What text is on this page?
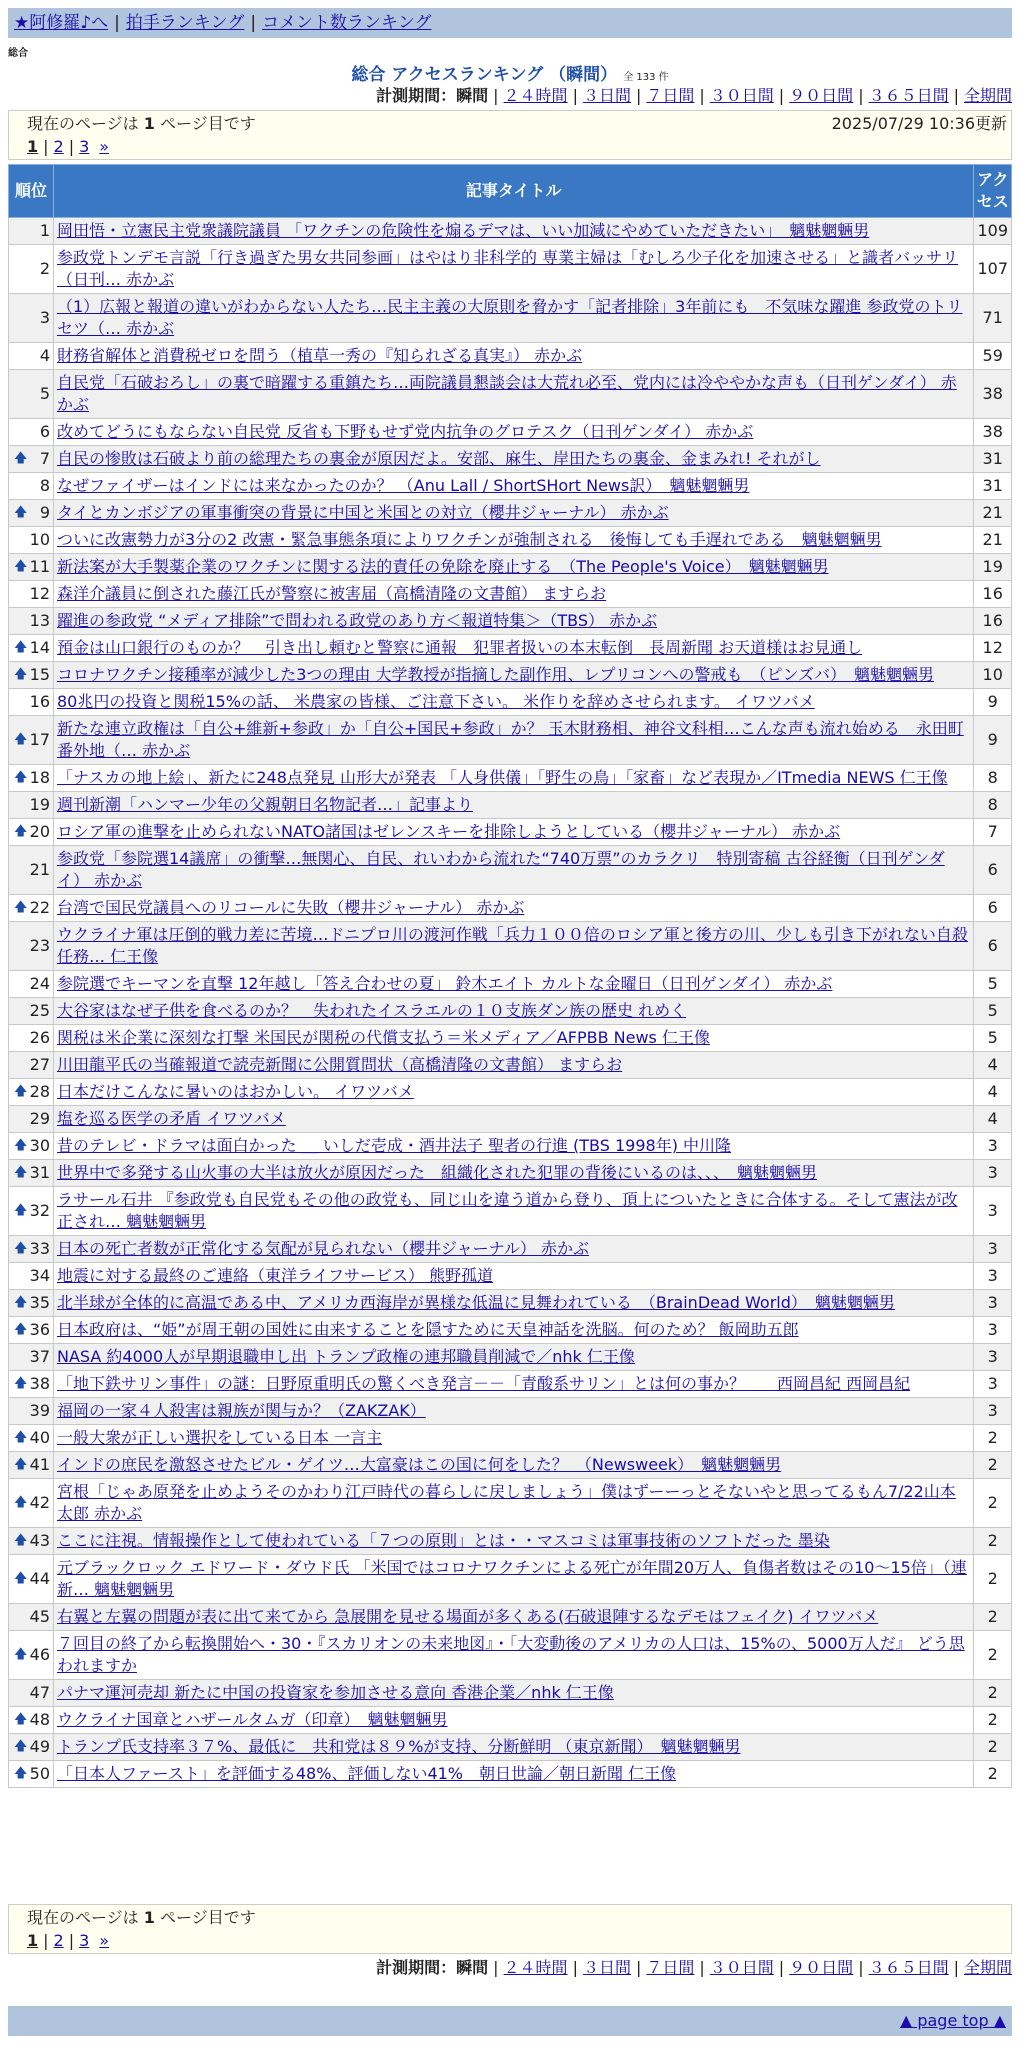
★阿修羅♪へ | 拍手ランキング | コメント数ランキング
総合
総合 アクセスランキング （瞬間） 全 133 件
計測期間：瞬間 | ２４時間 | ３日間 | ７日間 | ３０日間 | ９０日間 | ３６５日間 | 全期間
現在のページは 1 ページ目です	2025/07/29 10:36更新
1 | 2 | 3 »
順位	記事タイトル	アク
セス
1	岡田悟・立憲民主党衆議院議員 「ワクチンの危険性を煽るデマは、いい加減にやめていただきたい」　魑魅魍魎男	109
2	参政党トンデモ言説「行き過ぎた男女共同参画」はやはり非科学的 専業主婦は「むしろ少子化を加速させる」と識者バッサリ（日刊… 赤かぶ	107
3	（1）広報と報道の違いがわからない人たち…民主主義の大原則を脅かす「記者排除」3年前にも　不気味な躍進 参政党のトリセツ（… 赤かぶ	71
4	財務省解体と消費税ゼロを問う（植草一秀の『知られざる真実』） 赤かぶ	59
5	自民党「石破おろし」の裏で暗躍する重鎮たち…両院議員懇談会は大荒れ必至、党内には冷ややかな声も（日刊ゲンダイ） 赤かぶ	38
6	改めてどうにもならない自民党 反省も下野もせず党内抗争のグロテスク（日刊ゲンダイ） 赤かぶ	38

🡅 7	自民の惨敗は石破より前の総理たちの裏金が原因だよ。安部、麻生、岸田たちの裏金、金まみれ! それがし	31
8	なぜファイザーはインドには来なかったのか？ （Anu Lall / ShortSHort News訳）　魑魅魍魎男	31

🡅 9	タイとカンボジアの軍事衝突の背景に中国と米国との対立（櫻井ジャーナル） 赤かぶ	21
10	ついに改憲勢力が3分の2 改憲・緊急事態条項によりワクチンが強制される　後悔しても手遅れである　魑魅魍魎男	21

🡅 11	新法案が大手製薬企業のワクチンに関する法的責任の免除を廃止する　（The People's Voice）　魑魅魍魎男	19
12	森洋介議員に倒された藤江氏が警察に被害届（高橋清隆の文書館） ますらお	16
13	躍進の参政党 “メディア排除”で問われる政党のあり方＜報道特集＞（TBS） 赤かぶ	16

🡅 14	預金は山口銀行のものか？　引き出し頼むと警察に通報　犯罪者扱いの本末転倒　長周新聞 お天道様はお見通し	12

🡅 15	コロナワクチン接種率が減少した3つの理由 大学教授が指摘した副作用、レプリコンへの警戒も　（ピンズバ）　魑魅魍魎男	10
16	80兆円の投資と関税15%の話、 米農家の皆様、ご注意下さい。 米作りを辞めさせられます。 イワツバメ	9

🡅 17	新たな連立政権は「自公+維新+参政」か「自公+国民+参政」か？ 玉木財務相、神谷文科相…こんな声も流れ始める　永田町番外地（… 赤かぶ	9

🡅 18	「ナスカの地上絵」、新たに248点発見 山形大が発表 「人身供儀」「野生の鳥」「家畜」など表現か／ITmedia NEWS 仁王像	8
19	週刊新潮「ハンマー少年の父親朝日名物記者…」記事より	8

🡅 20	ロシア軍の進撃を止められないNATO諸国はゼレンスキーを排除しようとしている（櫻井ジャーナル） 赤かぶ	7
21	参政党「参院選14議席」の衝撃…無関心、自民、れいわから流れた“740万票”のカラクリ　特別寄稿 古谷経衡（日刊ゲンダイ） 赤かぶ	6

🡅 22	台湾で国民党議員へのリコールに失敗（櫻井ジャーナル） 赤かぶ	6
23	ウクライナ軍は圧倒的戦力差に苦境…ドニプロ川の渡河作戦「兵力１００倍のロシア軍と後方の川、少しも引き下がれない自殺任務… 仁王像	6
24	参院選でキーマンを直撃 12年越し「答え合わせの夏」 鈴木エイト カルトな金曜日（日刊ゲンダイ） 赤かぶ	5
25	大谷家はなぜ子供を食べるのか？　失われたイスラエルの１０支族ダン族の歴史 れめく	5
26	関税は米企業に深刻な打撃 米国民が関税の代償支払う＝米メディア／AFPBB News 仁王像	5
27	川田龍平氏の当確報道で読売新聞に公開質問状（高橋清隆の文書館） ますらお	4

🡅 28	日本だけこんなに暑いのはおかしい。 イワツバメ	4
29	塩を巡る医学の矛盾 イワツバメ	4

🡅 30	昔のテレビ・ドラマは面白かった ＿ いしだ壱成・酒井法子 聖者の行進 (TBS 1998年) 中川隆	3

🡅 31	世界中で多発する山火事の大半は放火が原因だった　組織化された犯罪の背後にいるのは、、、　魑魅魍魎男	3

🡅 32	ラサール石井 『参政党も自民党もその他の政党も、同じ山を違う道から登り、頂上についたときに合体する。そして憲法が改正され… 魑魅魍魎男	3

🡅 33	日本の死亡者数が正常化する気配が見られない（櫻井ジャーナル） 赤かぶ	3
34	地震に対する最終のご連絡（東洋ライフサービス） 熊野孤道	3

🡅 35	北半球が全体的に高温である中、アメリカ西海岸が異様な低温に見舞われている　（BrainDead World）　魑魅魍魎男	3

🡅 36	日本政府は、“姫”が周王朝の国姓に由来することを隠すために天皇神話を洗脳。何のため？ 飯岡助五郎	3
37	NASA 約4000人が早期退職申し出 トランプ政権の連邦職員削減で／nhk 仁王像	3

🡅 38	「地下鉄サリン事件」の謎：日野原重明氏の驚くべき発言－－「青酸系サリン」とは何の事か？　　西岡昌紀 西岡昌紀	3
39	福岡の一家４人殺害は親族が関与か？（ZAKZAK）	3

🡅 40	一般大衆が正しい選択をしている日本 一言主	2

🡅 41	インドの庶民を激怒させたビル・ゲイツ…大富豪はこの国に何をした？　（Newsweek）　魑魅魍魎男	2

🡅 42	宮根「じゃあ原発を止めようそのかわり江戸時代の暮らしに戻しましょう」僕はずーーっとそないやと思ってるもん7/22山本太郎 赤かぶ	2

🡅 43	ここに注視。情報操作として使われている「７つの原則」とは・・マスコミは軍事技術のソフトだった 墨染	2

🡅 44	元ブラックロック エドワード・ダウド氏 「米国ではコロナワクチンによる死亡が年間20万人、負傷者数はその10～15倍」（連新… 魑魅魍魎男	2
45	右翼と左翼の問題が表に出て来てから 急展開を見せる場面が多くある(石破退陣するなデモはフェイク) イワツバメ	2

🡅 46	７回目の終了から転換開始へ・30・『スカリオンの未来地図』・「大変動後のアメリカの人口は、15%の、5000万人だ』 どう思われますか	2
47	パナマ運河売却 新たに中国の投資家を参加させる意向 香港企業／nhk 仁王像	2

🡅 48	ウクライナ国章とハザールタムガ（印章）　魑魅魍魎男	2

🡅 49	トランプ氏支持率３７%、最低に　共和党は８９%が支持、分断鮮明 （東京新聞）　魑魅魍魎男	2

🡅 50	「日本人ファースト」を評価する48%、評価しない41%　朝日世論／朝日新聞 仁王像	2
現在のページは 1 ページ目です
1 | 2 | 3 »
計測期間：瞬間 | ２４時間 | ３日間 | ７日間 | ３０日間 | ９０日間 | ３６５日間 | 全期間
▲ page top ▲
